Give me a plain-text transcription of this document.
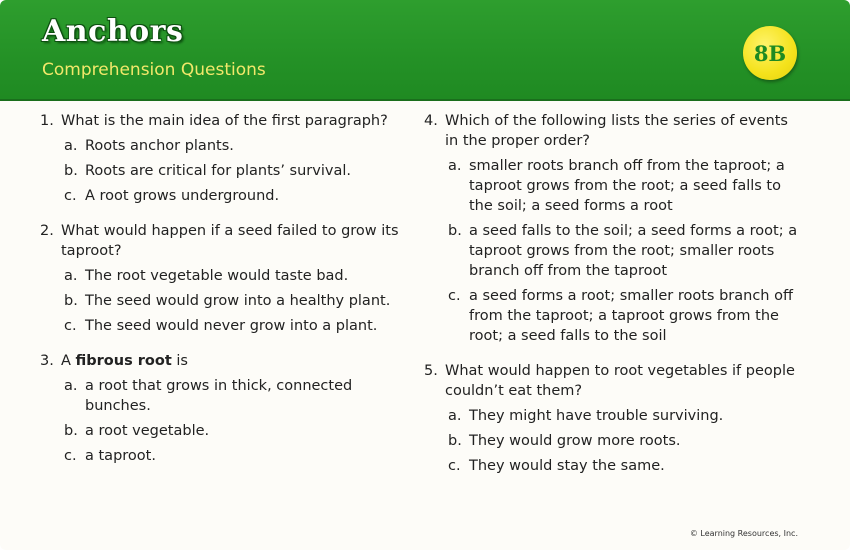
Anchors
Comprehension Questions
8B
1. What is the main idea of the first paragraph?
a. Roots anchor plants.
b. Roots are critical for plants’ survival.
c. A root grows underground.
2. What would happen if a seed failed to grow its taproot?
a. The root vegetable would taste bad.
b. The seed would grow into a healthy plant.
c. The seed would never grow into a plant.
3. A fibrous root is
a. a root that grows in thick, connected bunches.
b. a root vegetable.
c. a taproot.
4. Which of the following lists the series of events in the proper order?
a. smaller roots branch off from the taproot; a taproot grows from the root; a seed falls to the soil; a seed forms a root
b. a seed falls to the soil; a seed forms a root; a taproot grows from the root; smaller roots branch off from the taproot
c. a seed forms a root; smaller roots branch off from the taproot; a taproot grows from the root; a seed falls to the soil
5. What would happen to root vegetables if people couldn’t eat them?
a. They might have trouble surviving.
b. They would grow more roots.
c. They would stay the same.
© Learning Resources, Inc.
